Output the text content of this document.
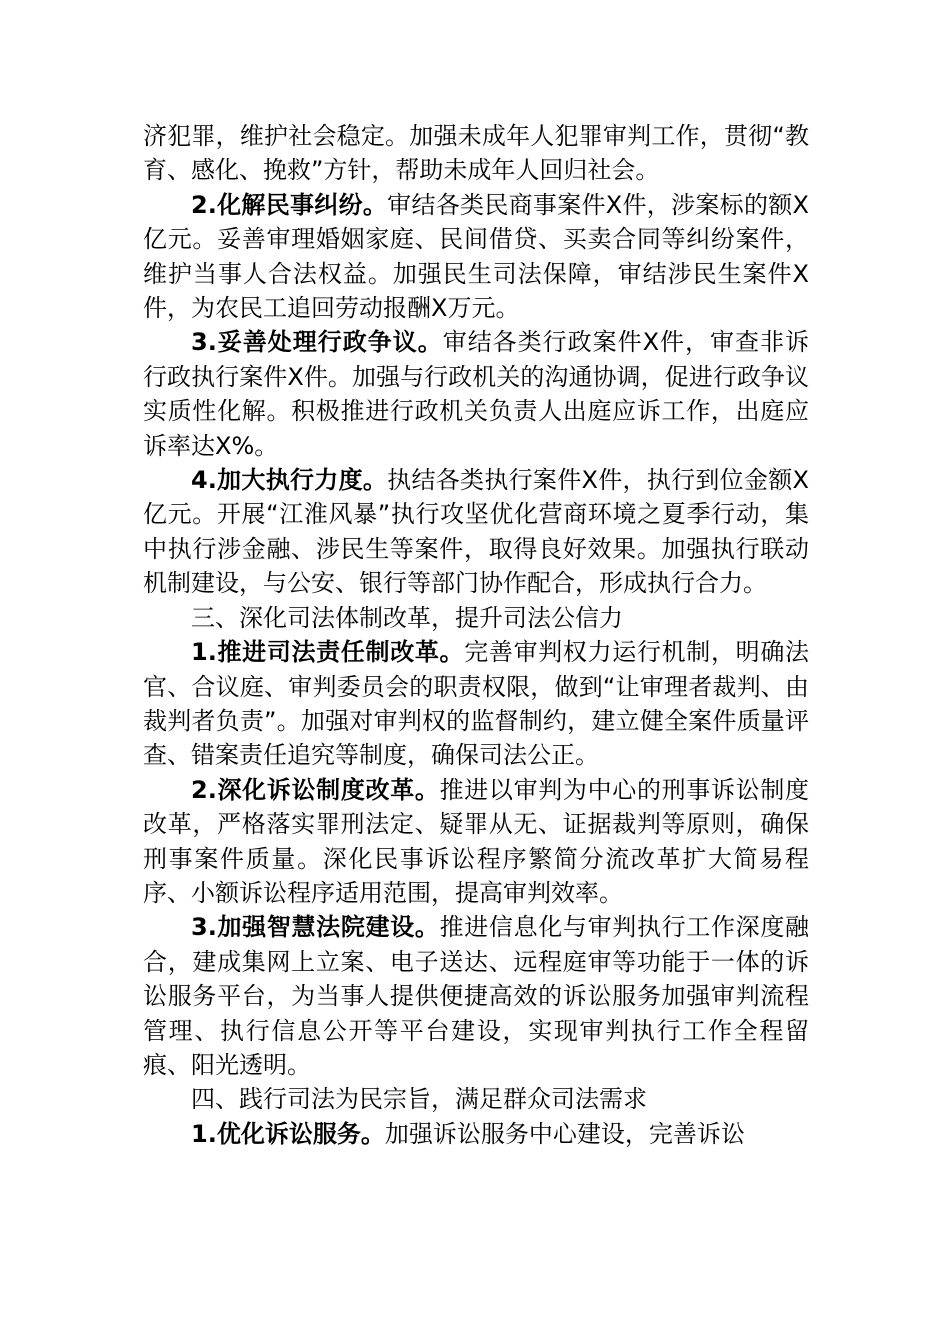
济犯罪，维护社会稳定。加强未成年人犯罪审判工作，贯彻“教育、感化、挽救”方针，帮助未成年人回归社会。

2.化解民事纠纷。审结各类民商事案件X件，涉案标的额X亿元。妥善审理婚姻家庭、民间借贷、买卖合同等纠纷案件，维护当事人合法权益。加强民生司法保障，审结涉民生案件X件，为农民工追回劳动报酬X万元。

3.妥善处理行政争议。审结各类行政案件X件，审查非诉行政执行案件X件。加强与行政机关的沟通协调，促进行政争议实质性化解。积极推进行政机关负责人出庭应诉工作，出庭应诉率达X%。

4.加大执行力度。执结各类执行案件X件，执行到位金额X亿元。开展“江淮风暴”执行攻坚优化营商环境之夏季行动，集中执行涉金融、涉民生等案件，取得良好效果。加强执行联动机制建设，与公安、银行等部门协作配合，形成执行合力。

三、深化司法体制改革，提升司法公信力

1.推进司法责任制改革。完善审判权力运行机制，明确法官、合议庭、审判委员会的职责权限，做到“让审理者裁判、由裁判者负责”。加强对审判权的监督制约，建立健全案件质量评查、错案责任追究等制度，确保司法公正。

2.深化诉讼制度改革。推进以审判为中心的刑事诉讼制度改革，严格落实罪刑法定、疑罪从无、证据裁判等原则，确保刑事案件质量。深化民事诉讼程序繁简分流改革扩大简易程序、小额诉讼程序适用范围，提高审判效率。

3.加强智慧法院建设。推进信息化与审判执行工作深度融合，建成集网上立案、电子送达、远程庭审等功能于一体的诉讼服务平台，为当事人提供便捷高效的诉讼服务加强审判流程管理、执行信息公开等平台建设，实现审判执行工作全程留痕、阳光透明。

四、践行司法为民宗旨，满足群众司法需求

1.优化诉讼服务。加强诉讼服务中心建设，完善诉讼
